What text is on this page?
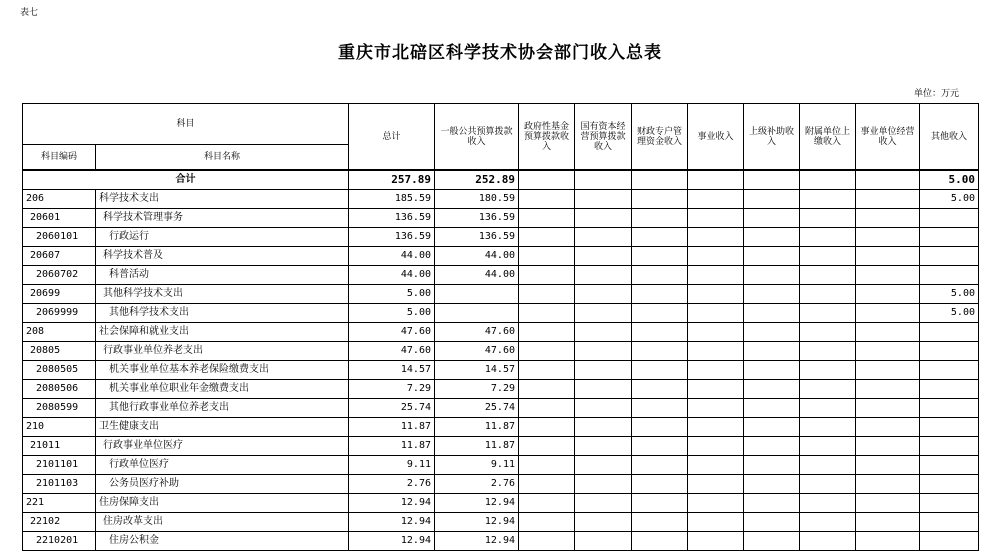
表七
重庆市北碚区科学技术协会部门收入总表
单位：万元
科目		总计	一般公共预算拨款收入	政府性基金预算拨款收入	国有资本经营预算拨款收入	财政专户管理资金收入	事业收入	上级补助收入	附属单位上缴收入	事业单位经营收入	其他收入
科目编码	科目名称										
合计		257.89	252.89								5.00
206	科学技术支出	185.59	180.59								5.00
20601	科学技术管理事务	136.59	136.59								
2060101	行政运行	136.59	136.59								
20607	科学技术普及	44.00	44.00								
2060702	科普活动	44.00	44.00								
20699	其他科学技术支出	5.00									5.00
2069999	其他科学技术支出	5.00									5.00
208	社会保障和就业支出	47.60	47.60								
20805	行政事业单位养老支出	47.60	47.60								
2080505	机关事业单位基本养老保险缴费支出	14.57	14.57								
2080506	机关事业单位职业年金缴费支出	7.29	7.29								
2080599	其他行政事业单位养老支出	25.74	25.74								
210	卫生健康支出	11.87	11.87								
21011	行政事业单位医疗	11.87	11.87								
2101101	行政单位医疗	9.11	9.11								
2101103	公务员医疗补助	2.76	2.76								
221	住房保障支出	12.94	12.94								
22102	住房改革支出	12.94	12.94								
2210201	住房公积金	12.94	12.94								
